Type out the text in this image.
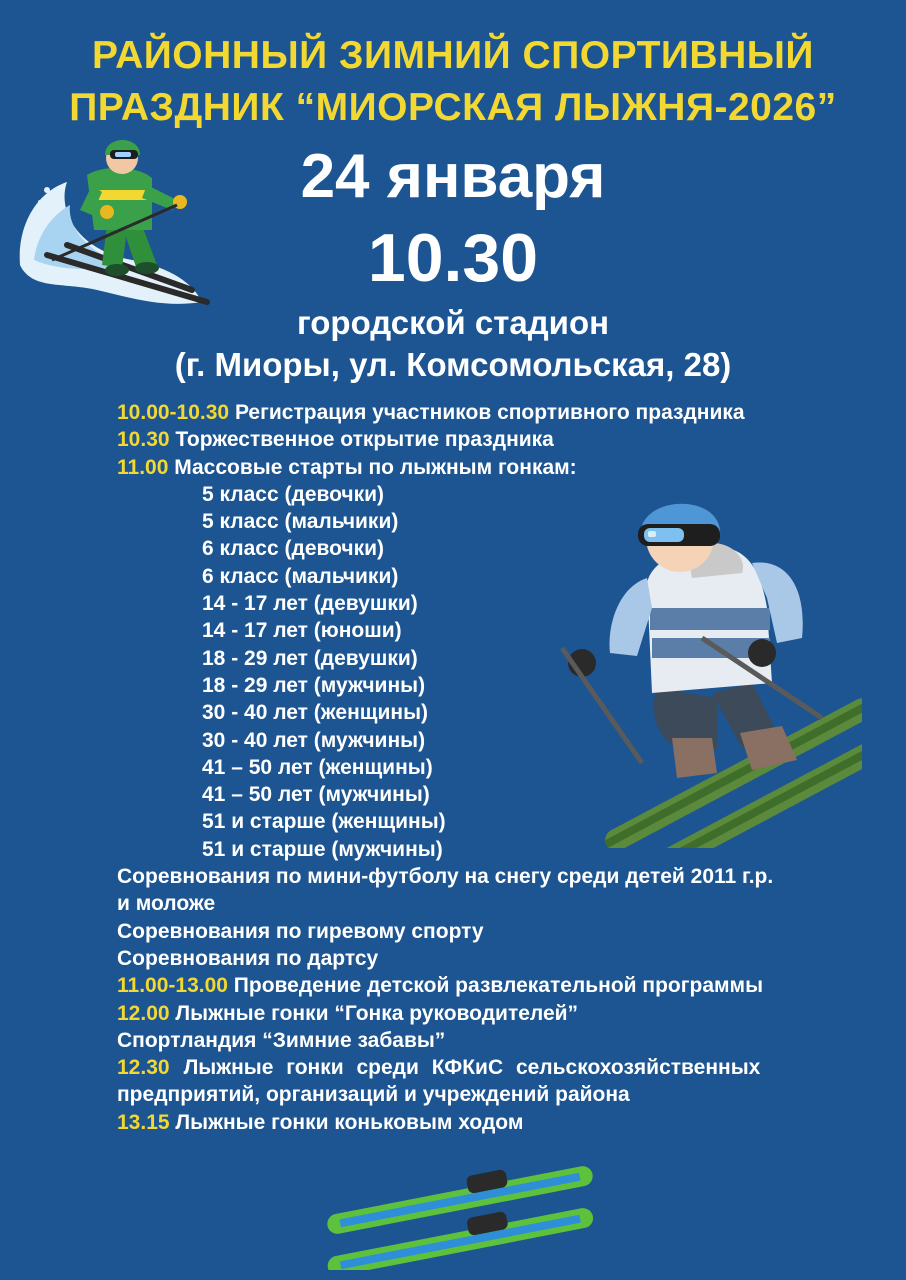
РАЙОННЫЙ ЗИМНИЙ СПОРТИВНЫЙ
ПРАЗДНИК “МИОРСКАЯ ЛЫЖНЯ-2026”
24 января
10.30
городской стадион
(г. Миоры, ул. Комсомольская, 28)
10.00-10.30 Регистрация участников спортивного праздника
10.30 Торжественное открытие праздника
11.00 Массовые старты по лыжным гонкам:
5 класс (девочки)
5 класс (мальчики)
6 класс (девочки)
6 класс (мальчики)
14 - 17 лет (девушки)
14 - 17 лет (юноши)
18 - 29 лет (девушки)
18 - 29 лет (мужчины)
30 - 40 лет (женщины)
30 - 40 лет (мужчины)
41 – 50 лет (женщины)
41 – 50 лет (мужчины)
51 и старше (женщины)
51 и старше (мужчины)
Соревнования по мини-футболу на снегу среди детей 2011 г.р.
и моложе
Соревнования по гиревому спорту
Соревнования по дартсу
11.00-13.00 Проведение детской развлекательной программы
12.00 Лыжные гонки “Гонка руководителей”
Спортландия “Зимние забавы”
12.30 Лыжные гонки среди КФКиС сельскохозяйственных
предприятий, организаций и учреждений района
13.15 Лыжные гонки коньковым ходом
